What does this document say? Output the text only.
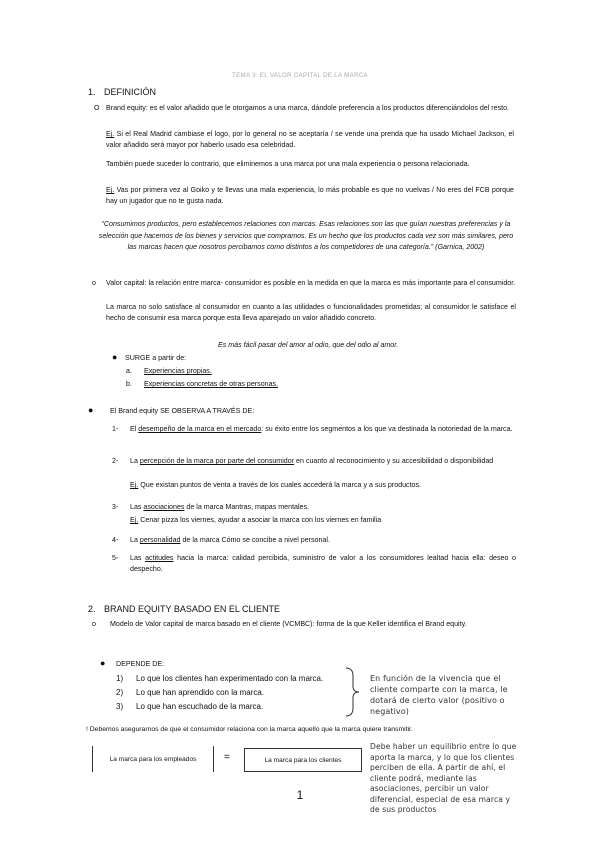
TEMA 3: EL VALOR CAPITAL DE LA MARCA
1. DEFINICIÓN
O Brand equity: es el valor añadido que le otorgamos a una marca, dándole preferencia a los productos diferenciándolos del resto.
Ej. Si el Real Madrid cambiase el logo, por lo general no se aceptaría / se vende una prenda que ha usado Michael Jackson, el valor añadido será mayor por haberlo usado esa celebridad.
También puede suceder lo contrario, que eliminemos a una marca por una mala experiencia o persona relacionada.
Ej. Vas por primera vez al Goiko y te llevas una mala experiencia, lo más probable es que no vuelvas / No eres del FCB porque hay un jugador que no te gusta nada.
“Consumimos productos, pero establecemos relaciones con marcas. Esas relaciones son las que guían nuestras preferencias y la selección que hacemos de los bienes y servicios que compramos. Es un hecho que los productos cada vez son más similares, pero las marcas hacen que nosotros percibamos como distintos a los competidores de una categoría.” (Garnica, 2002)
o Valor capital: la relación entre marca- consumidor es posible en la medida en que la marca es más importante para el consumidor.
La marca no solo satisface al consumidor en cuanto a las utilidades o funcionalidades prometidas; al consumidor le satisface el hecho de consumir esa marca porque esta lleva aparejado un valor añadido concreto.
Es más fácil pasar del amor al odio, que del odio al amor.
● SURGE a partir de:
a. Experiencias propias.
b. Experiencias concretas de otras personas.
● El Brand equity SE OBSERVA A TRAVÉS DE:
1- El desempeño de la marca en el mercado: su éxito entre los segmentos a los que va destinada la notoriedad de la marca.
2- La percepción de la marca por parte del consumidor en cuanto al reconocimiento y su accesibilidad o disponibilidad
Ej. Que existan puntos de venta a través de los cuales accederá la marca y a sus productos.
3- Las asociaciones de la marca Mantras, mapas mentales.
Ej. Cenar pizza los viernes, ayudar a asociar la marca con los viernes en familia
4- La personalidad de la marca Cómo se concibe a nivel personal.
5- Las actitudes hacia la marca: calidad percibida, suministro de valor a los consumidores lealtad hacia ella: deseo o despecho.
2. BRAND EQUITY BASADO EN EL CLIENTE
o Modelo de Valor capital de marca basado en el cliente (VCMBC): forma de la que Keller identifica el Brand equity.
● DEPENDE DE:
1) Lo que los clientes han experimentado con la marca.
2) Lo que han aprendido con la marca.
3) Lo que han escuchado de la marca.
En función de la vivencia que el cliente comparte con la marca, le dotará de cierto valor (positivo o negativo)
! Debemos asegurarnos de que el consumidor relaciona con la marca aquello que la marca quiere transmitir.
La marca para los empleados	=	La marca para los clientes
Debe haber un equilibrio entre lo que aporta la marca, y lo que los clientes perciben de ella. A partir de ahí, el cliente podrá, mediante las asociaciones, percibir un valor diferencial, especial de esa marca y de sus productos
1
